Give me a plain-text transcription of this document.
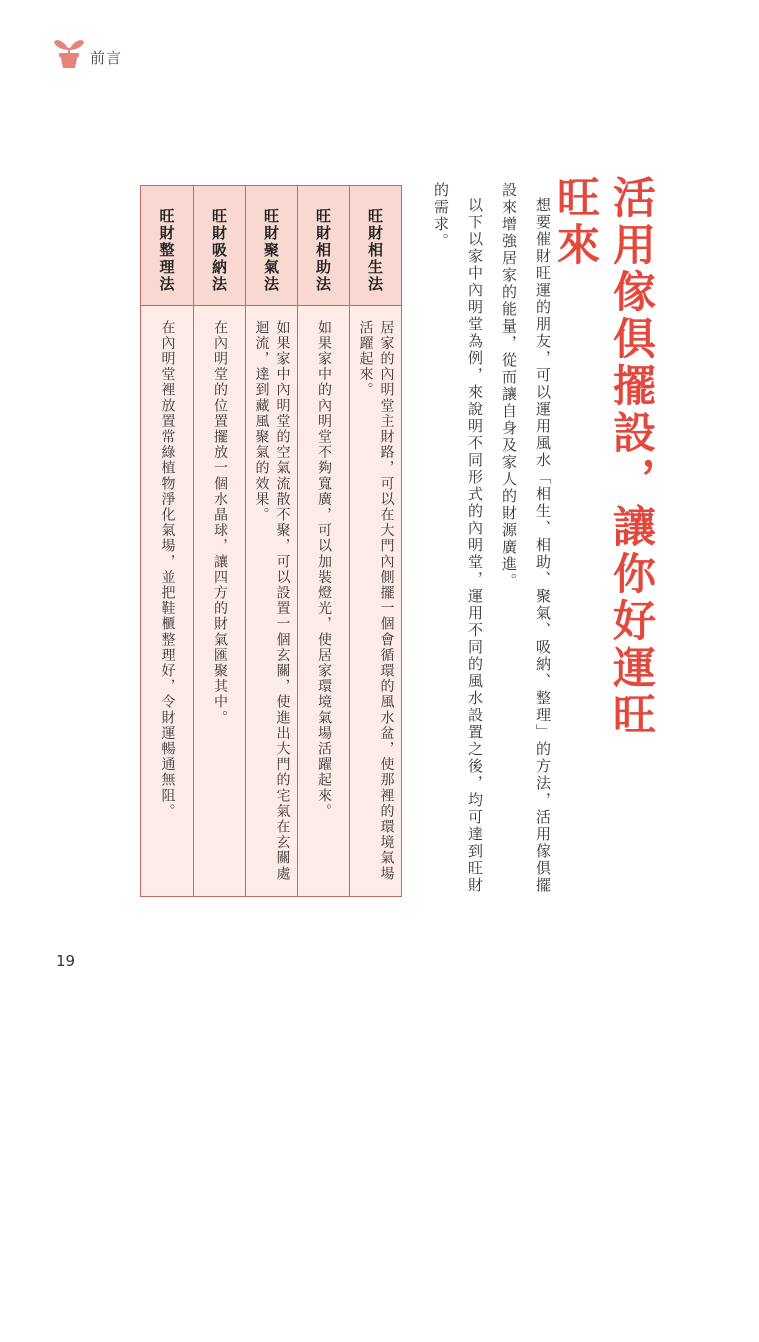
前言
活用傢俱擺設，讓你好運旺旺來

想要催財旺運的朋友，可以運用風水「相生、相助、聚氣、吸納、整理」的方法，活用傢俱擺設來增強居家的能量，從而讓自身及家人的財源廣進。

以下以家中內明堂為例，來說明不同形式的內明堂，運用不同的風水設置之後，均可達到旺財的需求。

旺財相生法
居家的內明堂主財路，可以在大門內側擺一個會循環的風水盆，使那裡的環境氣場活躍起來。
旺財相助法
如果家中的內明堂不夠寬廣，可以加裝燈光，使居家環境氣場活躍起來。
旺財聚氣法
如果家中內明堂的空氣流散不聚，可以設置一個玄關，使進出大門的宅氣在玄關處迴流，達到藏風聚氣的效果。
旺財吸納法
在內明堂的位置擺放一個水晶球，讓四方的財氣匯聚其中。
旺財整理法
在內明堂裡放置常綠植物淨化氣場，並把鞋櫃整理好，令財運暢通無阻。
19
